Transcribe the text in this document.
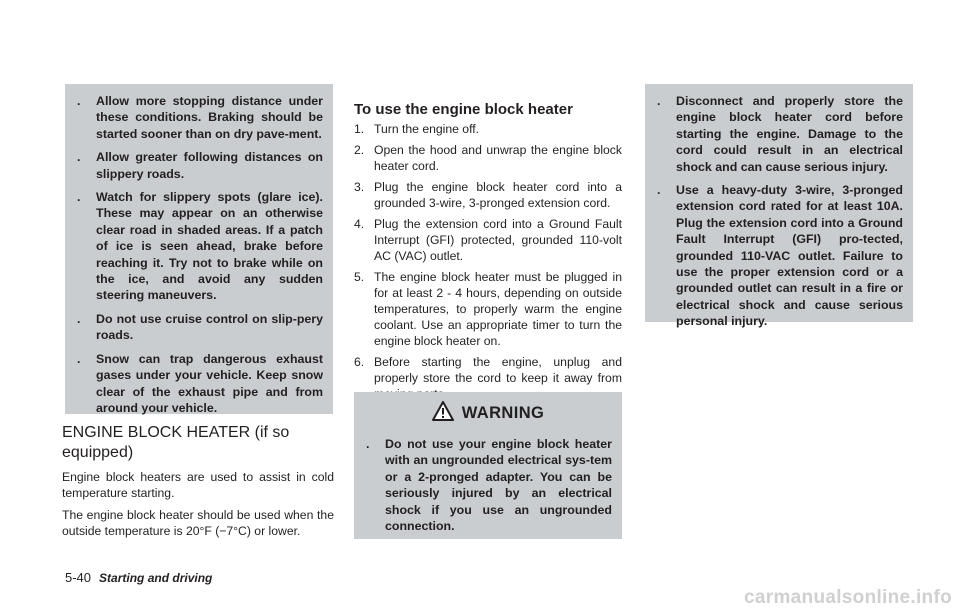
. Allow more stopping distance under these conditions. Braking should be started sooner than on dry pave-ment.
. Allow greater following distances on slippery roads.
. Watch for slippery spots (glare ice). These may appear on an otherwise clear road in shaded areas. If a patch of ice is seen ahead, brake before reaching it. Try not to brake while on the ice, and avoid any sudden steering maneuvers.
. Do not use cruise control on slip-pery roads.
. Snow can trap dangerous exhaust gases under your vehicle. Keep snow clear of the exhaust pipe and from around your vehicle.
ENGINE BLOCK HEATER (if so equipped)

Engine block heaters are used to assist in cold temperature starting.

The engine block heater should be used when the outside temperature is 20°F (−7°C) or lower.

To use the engine block heater
1. Turn the engine off.
2. Open the hood and unwrap the engine block heater cord.
3. Plug the engine block heater cord into a grounded 3-wire, 3-pronged extension cord.
4. Plug the extension cord into a Ground Fault Interrupt (GFI) protected, grounded 110-volt AC (VAC) outlet.
5. The engine block heater must be plugged in for at least 2 - 4 hours, depending on outside temperatures, to properly warm the engine coolant. Use an appropriate timer to turn the engine block heater on.
6. Before starting the engine, unplug and properly store the cord to keep it away from
WARNING
. Do not use your engine block heater with an ungrounded electrical sys-tem or a 2-pronged adapter. You can be seriously injured by an electrical shock if you use an ungrounded connection.
. Disconnect and properly store the engine block heater cord before starting the engine. Damage to the cord could result in an electrical shock and can cause serious injury.
. Use a heavy-duty 3-wire, 3-pronged extension cord rated for at least 10A. Plug the extension cord into a Ground Fault Interrupt (GFI) pro-tected, grounded 110-VAC outlet. Failure to use the proper extension cord or a grounded outlet can result in a fire or electrical shock and cause serious personal injury.
5-40 Starting and driving
carmanualsonline.info
